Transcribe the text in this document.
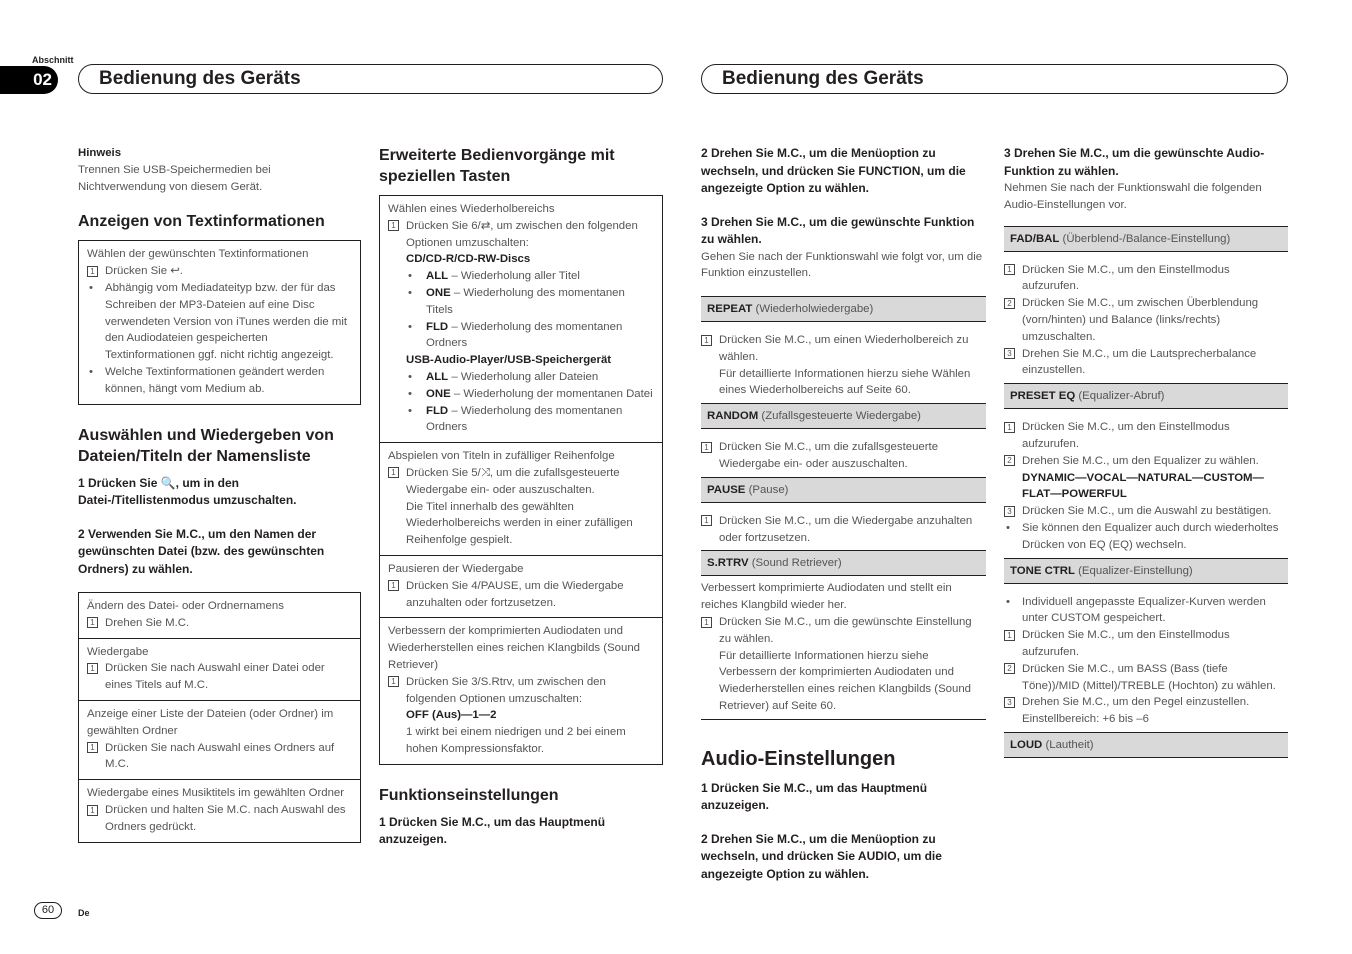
Abschnitt
02	Bedienung des Geräts	Bedienung des Geräts
Hinweis
Trennen Sie USB-Speichermedien bei Nichtverwendung von diesem Gerät.
Anzeigen von Textinformationen
Wählen der gewünschten Textinformationen
1 Drücken Sie ↩.
•	Abhängig vom Mediadateityp bzw. der für das Schreiben der MP3-Dateien auf eine Disc verwendeten Version von iTunes werden die mit den Audiodateien gespeicherten Textinformationen ggf. nicht richtig angezeigt.
•	Welche Textinformationen geändert werden können, hängt vom Medium ab.
Auswählen und Wiedergeben von Dateien/Titeln der Namensliste
1 Drücken Sie 🔍, um in den Datei-/Titellistenmodus umzuschalten.
2 Verwenden Sie M.C., um den Namen der gewünschten Datei (bzw. des gewünschten Ordners) zu wählen.
Ändern des Datei- oder Ordnernamens
1 Drehen Sie M.C.
Wiedergabe
1 Drücken Sie nach Auswahl einer Datei oder eines Titels auf M.C.
Anzeige einer Liste der Dateien (oder Ordner) im gewählten Ordner
1 Drücken Sie nach Auswahl eines Ordners auf M.C.
Wiedergabe eines Musiktitels im gewählten Ordner
1 Drücken und halten Sie M.C. nach Auswahl des Ordners gedrückt.
Erweiterte Bedienvorgänge mit speziellen Tasten
Wählen eines Wiederholbereichs
1 Drücken Sie 6/⇄, um zwischen den folgenden Optionen umzuschalten:
CD/CD-R/CD-RW-Discs
•	ALL – Wiederholung aller Titel
•	ONE – Wiederholung des momentanen Titels
•	FLD – Wiederholung des momentanen Ordners
USB-Audio-Player/USB-Speichergerät
•	ALL – Wiederholung aller Dateien
•	ONE – Wiederholung der momentanen Datei
•	FLD – Wiederholung des momentanen Ordners
Abspielen von Titeln in zufälliger Reihenfolge
1 Drücken Sie 5/⤨, um die zufallsgesteuerte Wiedergabe ein- oder auszuschalten.
Die Titel innerhalb des gewählten Wiederholbereichs werden in einer zufälligen Reihenfolge gespielt.
Pausieren der Wiedergabe
1 Drücken Sie 4/PAUSE, um die Wiedergabe anzuhalten oder fortzusetzen.
Verbessern der komprimierten Audiodaten und Wiederherstellen eines reichen Klangbilds (Sound Retriever)
1 Drücken Sie 3/S.Rtrv, um zwischen den folgenden Optionen umzuschalten:
OFF (Aus)—1—2
1 wirkt bei einem niedrigen und 2 bei einem hohen Kompressionsfaktor.
Funktionseinstellungen
1 Drücken Sie M.C., um das Hauptmenü anzuzeigen.
2 Drehen Sie M.C., um die Menüoption zu wechseln, und drücken Sie FUNCTION, um die angezeigte Option zu wählen.
3 Drehen Sie M.C., um die gewünschte Funktion zu wählen.
Gehen Sie nach der Funktionswahl wie folgt vor, um die Funktion einzustellen.
REPEAT (Wiederholwiedergabe)
1 Drücken Sie M.C., um einen Wiederholbereich zu wählen.
Für detaillierte Informationen hierzu siehe Wählen eines Wiederholbereichs auf Seite 60.
RANDOM (Zufallsgesteuerte Wiedergabe)
1 Drücken Sie M.C., um die zufallsgesteuerte Wiedergabe ein- oder auszuschalten.
PAUSE (Pause)
1 Drücken Sie M.C., um die Wiedergabe anzuhalten oder fortzusetzen.
S.RTRV (Sound Retriever)
Verbessert komprimierte Audiodaten und stellt ein reiches Klangbild wieder her.
1 Drücken Sie M.C., um die gewünschte Einstellung zu wählen.
Für detaillierte Informationen hierzu siehe Verbessern der komprimierten Audiodaten und Wiederherstellen eines reichen Klangbilds (Sound Retriever) auf Seite 60.
Audio-Einstellungen
1 Drücken Sie M.C., um das Hauptmenü anzuzeigen.
2 Drehen Sie M.C., um die Menüoption zu wechseln, und drücken Sie AUDIO, um die angezeigte Option zu wählen.
3 Drehen Sie M.C., um die gewünschte Audio-Funktion zu wählen.
Nehmen Sie nach der Funktionswahl die folgenden Audio-Einstellungen vor.
FAD/BAL (Überblend-/Balance-Einstellung)
1 Drücken Sie M.C., um den Einstellmodus aufzurufen.
2 Drücken Sie M.C., um zwischen Überblendung (vorn/hinten) und Balance (links/rechts) umzuschalten.
3 Drehen Sie M.C., um die Lautsprecherbalance einzustellen.
PRESET EQ (Equalizer-Abruf)
1 Drücken Sie M.C., um den Einstellmodus aufzurufen.
2 Drehen Sie M.C., um den Equalizer zu wählen.
DYNAMIC—VOCAL—NATURAL—CUSTOM—FLAT—POWERFUL
3 Drücken Sie M.C., um die Auswahl zu bestätigen.
•	Sie können den Equalizer auch durch wiederholtes Drücken von EQ (EQ) wechseln.
TONE CTRL (Equalizer-Einstellung)
•	Individuell angepasste Equalizer-Kurven werden unter CUSTOM gespeichert.
1 Drücken Sie M.C., um den Einstellmodus aufzurufen.
2 Drücken Sie M.C., um BASS (Bass (tiefe Töne))/MID (Mittel)/TREBLE (Hochton) zu wählen.
3 Drehen Sie M.C., um den Pegel einzustellen.
Einstellbereich: +6 bis –6
LOUD (Lautheit)
60	De
